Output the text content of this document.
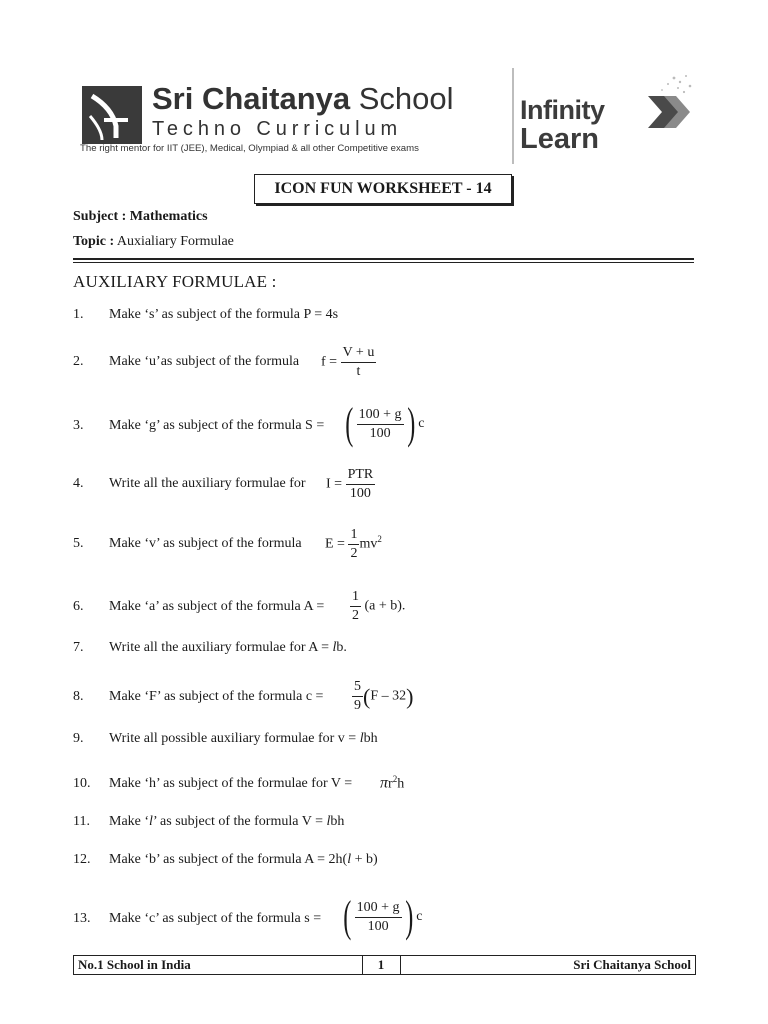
Sri Chaitanya School
Techno Curriculum
The right mentor for IIT (JEE), Medical, Olympiad & all other Competitive exams
Infinity
Learn
ICON FUN WORKSHEET - 14
Subject : Mathematics
Topic : Auxialiary Formulae
AUXILIARY FORMULAE :
1. Make ‘s’ as subject of the formula P = 4s
2. Make ‘u’as subject of the formula $f = \frac{V + u}{t}$
3. Make ‘g’ as subject of the formula S = ( $\frac{100 + g}{100}$ ) c
4. Write all the auxiliary formulae for $I = \frac{\text{PTR}}{100}$
5. Make ‘v’ as subject of the formula $E = \frac{1}{2} mv^2$
6. Make ‘a’ as subject of the formula $A = \frac{1}{2} (a + b)$.
7. Write all the auxiliary formulae for A = lb.
8. Make ‘F’ as subject of the formula $c = \frac{5}{9} (F - 32)$
9. Write all possible auxiliary formulae for v = lbh
10. Make ‘h’ as subject of the formulae for $V = \pi r^2h$
11. Make ‘l’ as subject of the formula V = lbh
12. Make ‘b’ as subject of the formula A = 2h(l + b)
13. Make ‘c’ as subject of the formula s = ( $\frac{100 + g}{100}$ ) c
No.1 School in India	1	Sri Chaitanya School
